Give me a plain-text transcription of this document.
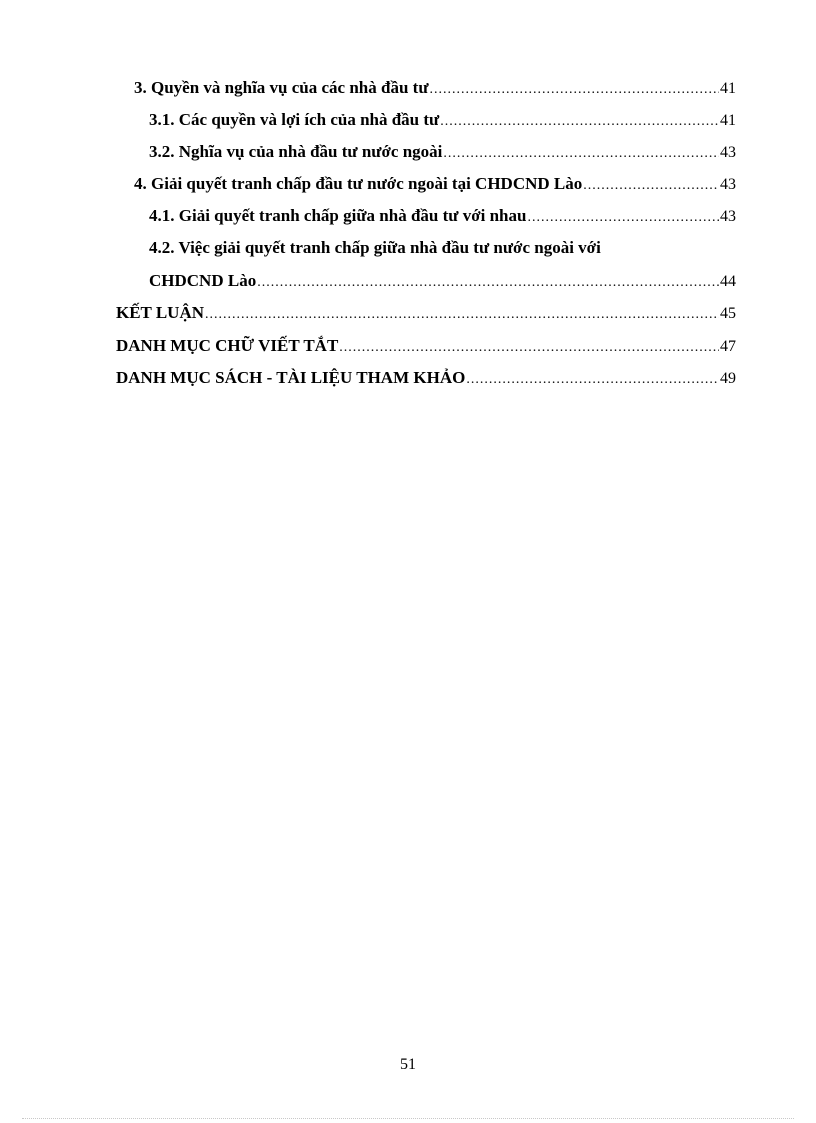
3. Quyền và nghĩa vụ của các nhà đầu tư .....	41
3.1. Các quyền và lợi ích của nhà đầu tư .....	41
3.2. Nghĩa vụ của nhà đầu tư nước ngoài .....	43
4. Giải quyết tranh chấp đầu tư nước ngoài tại CHDCND Lào .....	43
4.1. Giải quyết tranh chấp giữa nhà đầu tư với nhau .....	43
4.2. Việc giải quyết tranh chấp giữa nhà đầu tư nước ngoài với
CHDCND Lào .....	44
KẾT LUẬN .....	45
DANH MỤC CHỮ VIẾT TẮT .....	47
DANH MỤC SÁCH - TÀI LIỆU THAM KHẢO .....	49
51
